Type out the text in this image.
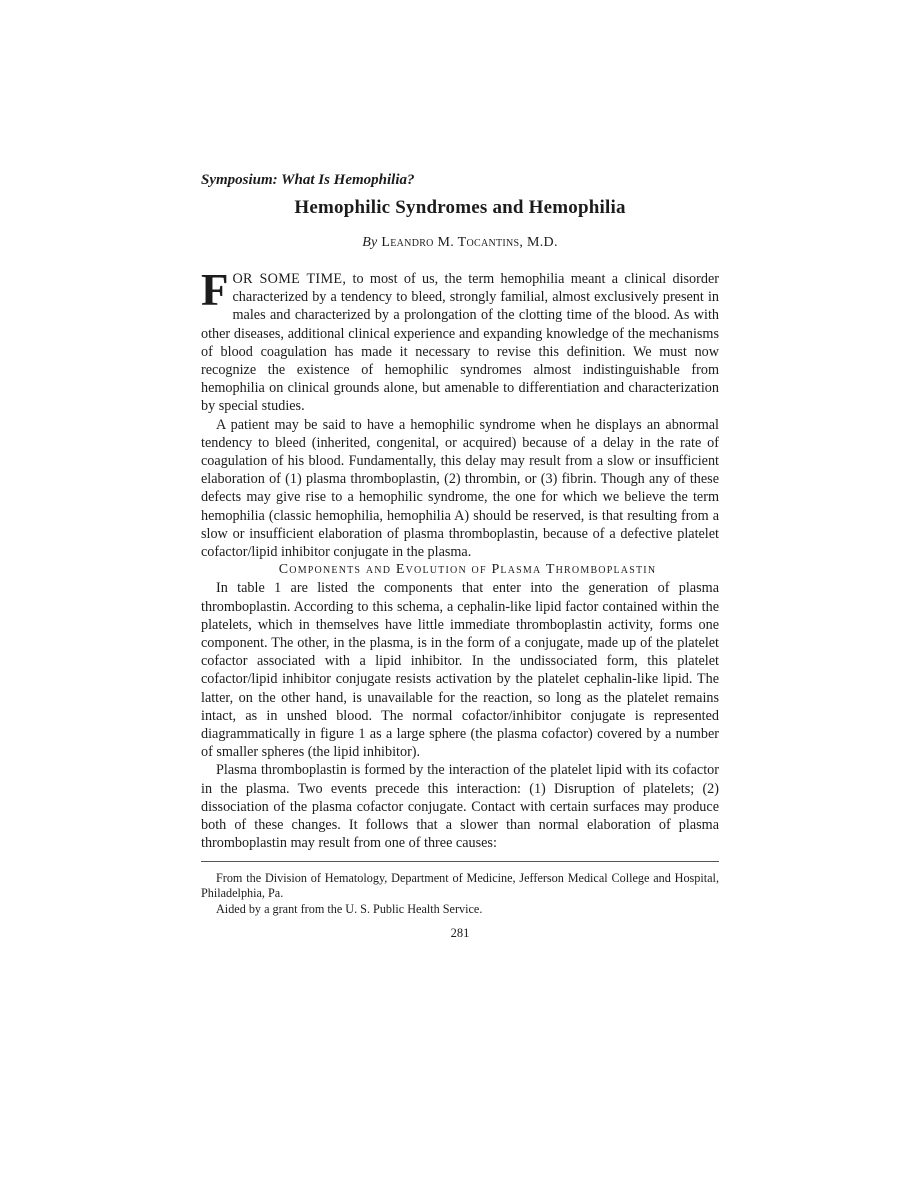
Symposium: What Is Hemophilia?

Hemophilic Syndromes and Hemophilia

By Leandro M. Tocantins, M.D.

FOR SOME TIME, to most of us, the term hemophilia meant a clinical disorder characterized by a tendency to bleed, strongly familial, almost exclusively present in males and characterized by a prolongation of the clotting time of the blood. As with other diseases, additional clinical experience and expanding knowledge of the mechanisms of blood coagulation has made it necessary to revise this definition. We must now recognize the existence of hemophilic syndromes almost indistinguishable from hemophilia on clinical grounds alone, but amenable to differentiation and characterization by special studies.

A patient may be said to have a hemophilic syndrome when he displays an abnormal tendency to bleed (inherited, congenital, or acquired) because of a delay in the rate of coagulation of his blood. Fundamentally, this delay may result from a slow or insufficient elaboration of (1) plasma thromboplastin, (2) thrombin, or (3) fibrin. Though any of these defects may give rise to a hemophilic syndrome, the one for which we believe the term hemophilia (classic hemophilia, hemophilia A) should be reserved, is that resulting from a slow or insufficient elaboration of plasma thromboplastin, because of a defective platelet cofactor/lipid inhibitor conjugate in the plasma.

Components and Evolution of Plasma Thromboplastin

In table 1 are listed the components that enter into the generation of plasma thromboplastin. According to this schema, a cephalin-like lipid factor contained within the platelets, which in themselves have little immediate thromboplastin activity, forms one component. The other, in the plasma, is in the form of a conjugate, made up of the platelet cofactor associated with a lipid inhibitor. In the undissociated form, this platelet cofactor/lipid inhibitor conjugate resists activation by the platelet cephalin-like lipid. The latter, on the other hand, is unavailable for the reaction, so long as the platelet remains intact, as in unshed blood. The normal cofactor/inhibitor conjugate is represented diagrammatically in figure 1 as a large sphere (the plasma cofactor) covered by a number of smaller spheres (the lipid inhibitor).

Plasma thromboplastin is formed by the interaction of the platelet lipid with its cofactor in the plasma. Two events precede this interaction: (1) Disruption of platelets; (2) dissociation of the plasma cofactor conjugate. Contact with certain surfaces may produce both of these changes. It follows that a slower than normal elaboration of plasma thromboplastin may result from one of three causes:

From the Division of Hematology, Department of Medicine, Jefferson Medical College and Hospital, Philadelphia, Pa.

Aided by a grant from the U. S. Public Health Service.

281
